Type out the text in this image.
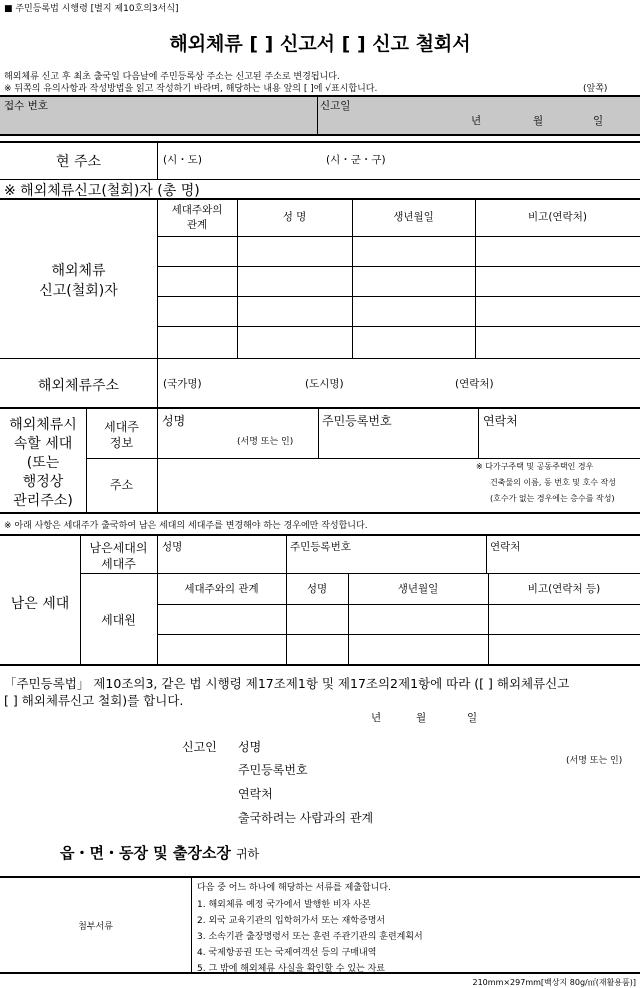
■ 주민등록법 시행령 [별지 제10호의3서식]
해외체류 [ ] 신고서 [ ] 신고 철회서
해외체류 신고 후 최초 출국일 다음날에 주민등록상 주소는 신고된 주소로 변경됩니다.
※ 뒤쪽의 유의사항과 작성방법을 읽고 작성하기 바라며, 해당하는 내용 앞의 [ ]에 √표시합니다.	(앞쪽)
접수 번호	신고일
년	월	일
현 주소	(시・도)	(시・군・구)
※ 해외체류신고(철회)자 (총 명)
세대주와의
관계
성 명	생년월일	비고(연락처)
해외체류
신고(철회)자
해외체류주소	(국가명)	(도시명)	(연락처)
해외체류시
속할 세대
(또는
행정상
관리주소)
세대주
정보
성명
(서명 또는 인)
주민등록번호	연락처
주소
※ 다가구주택 및 공동주택인 경우
건축물의 이름, 동 번호 및 호수 작성
(호수가 없는 경우에는 층수를 작성)
※ 아래 사항은 세대주가 출국하여 남은 세대의 세대주를 변경해야 하는 경우에만 작성합니다.
남은 세대
남은세대의
세대주
성명	주민등록번호	연락처
세대원
세대주와의 관계	성명	생년월일	비고(연락처 등)
「주민등록법」 제10조의3, 같은 법 시행령 제17조제1항 및 제17조의2제1항에 따라 ([ ] 해외체류신고
[ ] 해외체류신고 철회)를 합니다.
년	월	일
신고인 성명
(서명 또는 인)
주민등록번호
연락처
출국하려는 사람과의 관계
읍・면・동장 및 출장소장 귀하
첨부서류
다음 중 어느 하나에 해당하는 서류를 제출합니다.
1. 해외체류 예정 국가에서 발행한 비자 사본
2. 외국 교육기관의 입학허가서 또는 재학증명서
3. 소속기관 출장명령서 또는 훈련 주관기관의 훈련계획서
4. 국제항공권 또는 국제여객선 등의 구매내역
5. 그 밖에 해외체류 사실을 확인할 수 있는 자료
210mm×297mm[백상지 80g/㎡(재활용품)]
